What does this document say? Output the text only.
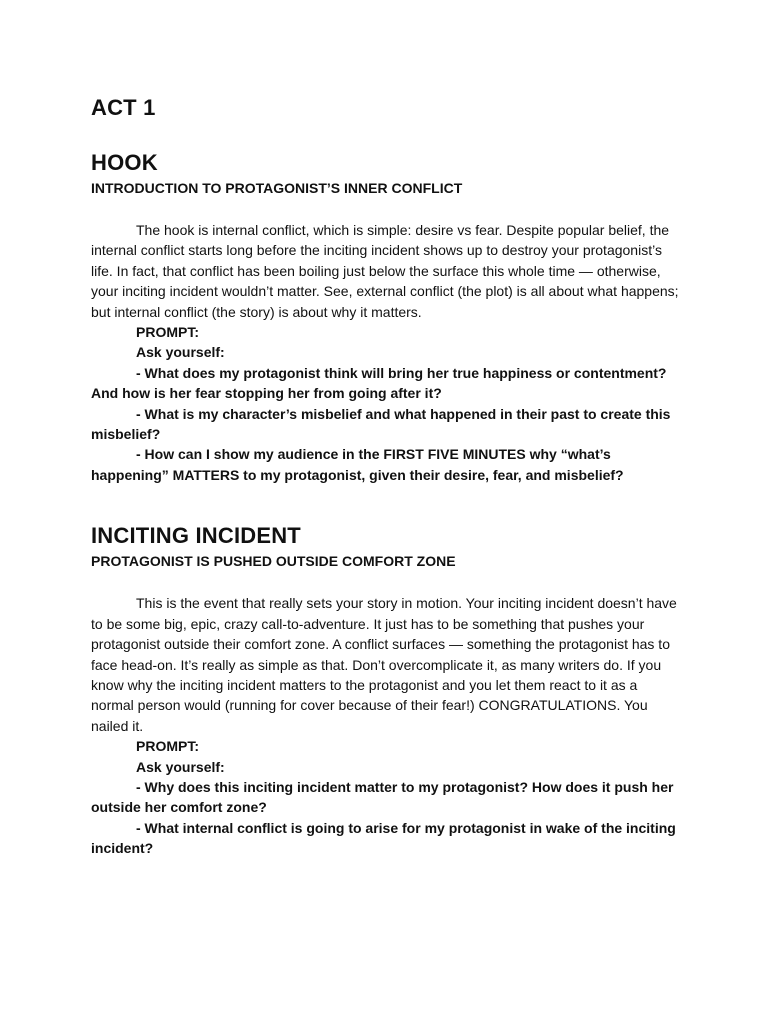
ACT 1
HOOK

INTRODUCTION TO PROTAGONIST’S INNER CONFLICT

The hook is internal conflict, which is simple: desire vs fear. Despite popular belief, the internal conflict starts long before the inciting incident shows up to destroy your protagonist’s life. In fact, that conflict has been boiling just below the surface this whole time — otherwise, your inciting incident wouldn’t matter. See, external conflict (the plot) is all about what happens; but internal conflict (the story) is about why it matters.

PROMPT:

Ask yourself:

- What does my protagonist think will bring her true happiness or contentment? And how is her fear stopping her from going after it?

- What is my character’s misbelief and what happened in their past to create this misbelief?

- How can I show my audience in the FIRST FIVE MINUTES why “what’s happening” MATTERS to my protagonist, given their desire, fear, and misbelief?

INCITING INCIDENT

PROTAGONIST IS PUSHED OUTSIDE COMFORT ZONE

This is the event that really sets your story in motion. Your inciting incident doesn’t have to be some big, epic, crazy call-to-adventure. It just has to be something that pushes your protagonist outside their comfort zone. A conflict surfaces — something the protagonist has to face head-on. It’s really as simple as that. Don’t overcomplicate it, as many writers do. If you know why the inciting incident matters to the protagonist and you let them react to it as a normal person would (running for cover because of their fear!) CONGRATULATIONS. You nailed it.

PROMPT:

Ask yourself:

- Why does this inciting incident matter to my protagonist? How does it push her outside her comfort zone?

- What internal conflict is going to arise for my protagonist in wake of the inciting incident?
